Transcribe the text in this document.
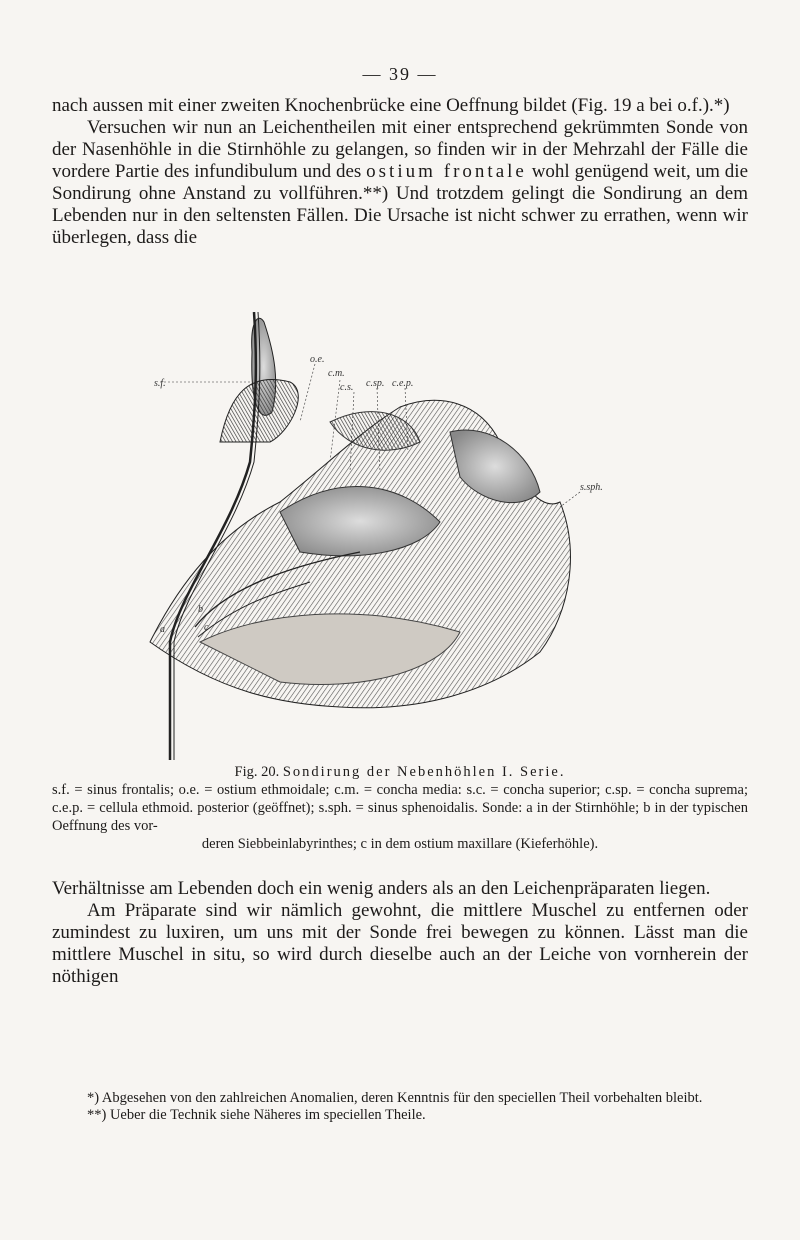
— 39 —

nach aussen mit einer zweiten Knochenbrücke eine Oeffnung bildet (Fig. 19 a bei o.f.).*)

Versuchen wir nun an Leichentheilen mit einer entsprechend gekrümmten Sonde von der Nasenhöhle in die Stirnhöhle zu gelangen, so finden wir in der Mehrzahl der Fälle die vordere Partie des infundibulum und des ostium frontale wohl genügend weit, um die Sondirung ohne Anstand zu vollführen.**) Und trotzdem gelingt die Sondirung an dem Lebenden nur in den seltensten Fällen. Die Ursache ist nicht schwer zu errathen, wenn wir überlegen, dass die

s.f.
o.e.
c.m.
c.s. c.sp. c.e.p.
s.sph.
a
b
c

Fig. 20. Sondirung der Nebenhöhlen I. Serie.

s.f. = sinus frontalis; o.e. = ostium ethmoidale; c.m. = concha media: s.c. = concha superior; c.sp. = concha suprema; c.e.p. = cellula ethmoid. posterior (geöffnet); s.sph. = sinus sphenoidalis. Sonde: a in der Stirnhöhle; b in der typischen Oeffnung des vor-

deren Siebbeinlabyrinthes; c in dem ostium maxillare (Kieferhöhle).

Verhältnisse am Lebenden doch ein wenig anders als an den Leichenpräparaten liegen.

Am Präparate sind wir nämlich gewohnt, die mittlere Muschel zu entfernen oder zumindest zu luxiren, um uns mit der Sonde frei bewegen zu können. Lässt man die mittlere Muschel in situ, so wird durch dieselbe auch an der Leiche von vornherein der nöthigen

*) Abgesehen von den zahlreichen Anomalien, deren Kenntnis für den speciellen Theil vorbehalten bleibt.

**) Ueber die Technik siehe Näheres im speciellen Theile.
